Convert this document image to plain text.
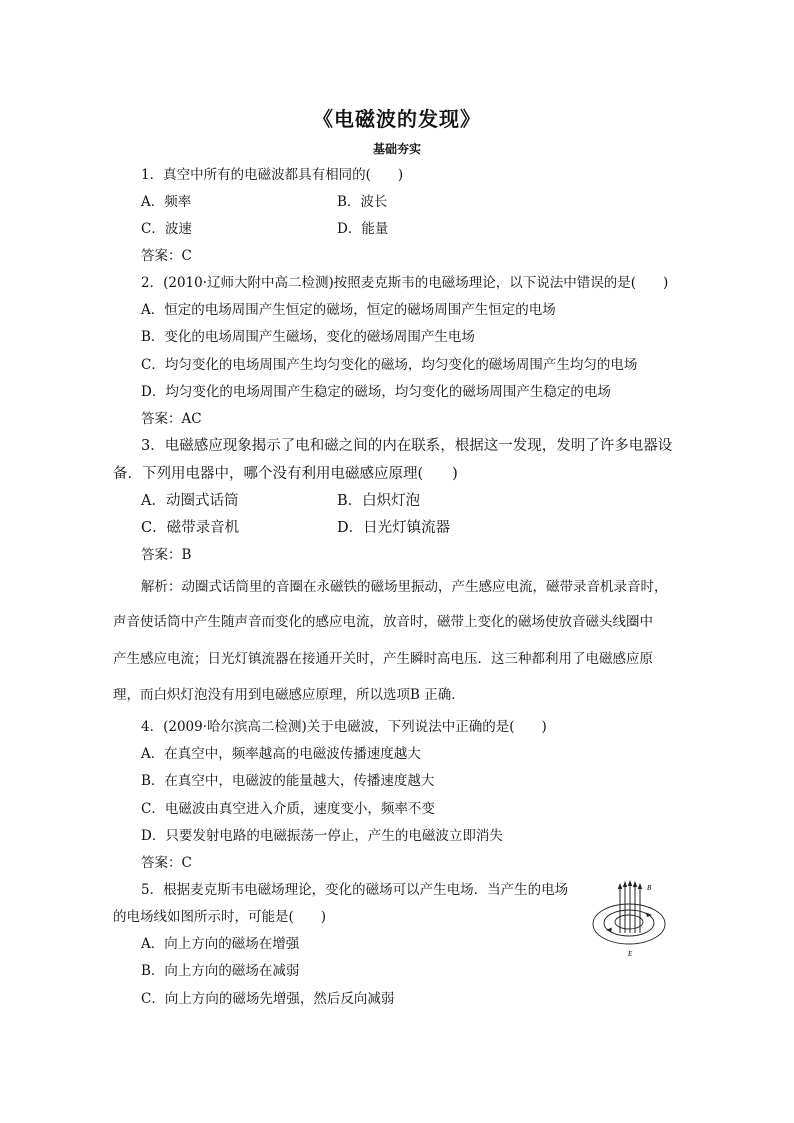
《电磁波的发现》
基础夯实
1．真空中所有的电磁波都具有相同的(　　)
A．频率	B．波长
C．波速	D．能量
答案：C
2．(2010·辽师大附中高二检测)按照麦克斯韦的电磁场理论，以下说法中错误的是(　　)
A．恒定的电场周围产生恒定的磁场，恒定的磁场周围产生恒定的电场
B．变化的电场周围产生磁场，变化的磁场周围产生电场
C．均匀变化的电场周围产生均匀变化的磁场，均匀变化的磁场周围产生均匀的电场
D．均匀变化的电场周围产生稳定的磁场，均匀变化的磁场周围产生稳定的电场
答案：AC
3．电磁感应现象揭示了电和磁之间的内在联系，根据这一发现，发明了许多电器设
备．下列用电器中，哪个没有利用电磁感应原理(　　)
A．动圈式话筒	B．白炽灯泡
C．磁带录音机	D．日光灯镇流器
答案：B
解析：动圈式话筒里的音圈在永磁铁的磁场里振动，产生感应电流，磁带录音机录音时，
声音使话筒中产生随声音而变化的感应电流，放音时，磁带上变化的磁场使放音磁头线圈中
产生感应电流；日光灯镇流器在接通开关时，产生瞬时高电压．这三种都利用了电磁感应原
理，而白炽灯泡没有用到电磁感应原理，所以选项B 正确．
4．(2009·哈尔滨高二检测)关于电磁波，下列说法中正确的是(　　)
A．在真空中，频率越高的电磁波传播速度越大
B．在真空中，电磁波的能量越大，传播速度越大
C．电磁波由真空进入介质，速度变小，频率不变
D．只要发射电路的电磁振荡一停止，产生的电磁波立即消失
答案：C
5．根据麦克斯韦电磁场理论，变化的磁场可以产生电场．当产生的电场
的电场线如图所示时，可能是(　　)
A．向上方向的磁场在增强
B．向上方向的磁场在减弱
C．向上方向的磁场先增强，然后反向减弱
B
E
